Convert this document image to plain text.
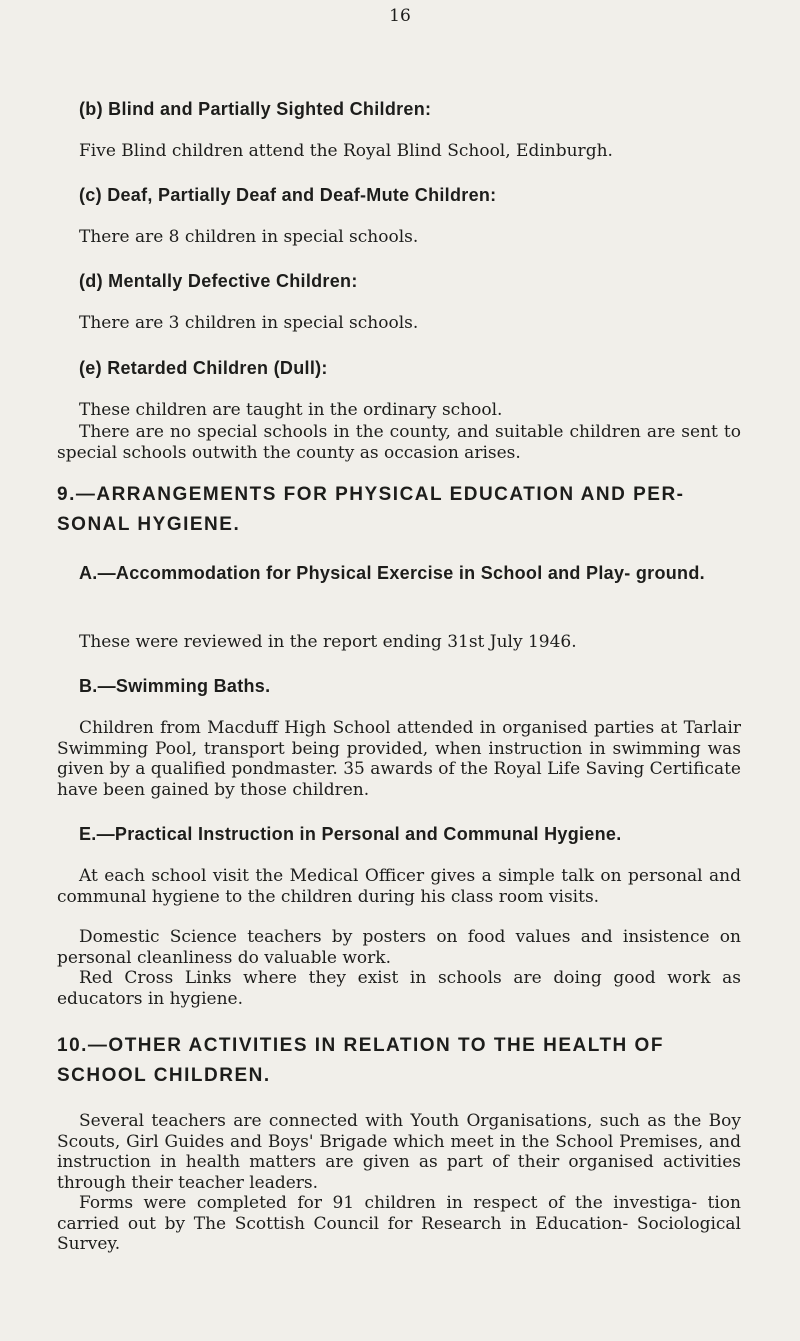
16
(b) Blind and Partially Sighted Children:
Five Blind children attend the Royal Blind School, Edinburgh.
(c) Deaf, Partially Deaf and Deaf-Mute Children:
There are 8 children in special schools.
(d) Mentally Defective Children:
There are 3 children in special schools.
(e) Retarded Children (Dull):
These children are taught in the ordinary school.
There are no special schools in the county, and suitable children are sent to special schools outwith the county as occasion arises.
9.—ARRANGEMENTS FOR PHYSICAL EDUCATION AND PER- SONAL HYGIENE.
A.—Accommodation for Physical Exercise in School and Play- ground.
These were reviewed in the report ending 31st July 1946.
B.—Swimming Baths.
Children from Macduff High School attended in organised parties at Tarlair Swimming Pool, transport being provided, when instruction in swimming was given by a qualified pondmaster. 35 awards of the Royal Life Saving Certificate have been gained by those children.
E.—Practical Instruction in Personal and Communal Hygiene.
At each school visit the Medical Officer gives a simple talk on personal and communal hygiene to the children during his class room visits.
Domestic Science teachers by posters on food values and insistence on personal cleanliness do valuable work.
Red Cross Links where they exist in schools are doing good work as educators in hygiene.
10.—OTHER ACTIVITIES IN RELATION TO THE HEALTH OF SCHOOL CHILDREN.
Several teachers are connected with Youth Organisations, such as the Boy Scouts, Girl Guides and Boys' Brigade which meet in the School Premises, and instruction in health matters are given as part of their organised activities through their teacher leaders.
Forms were completed for 91 children in respect of the investiga- tion carried out by The Scottish Council for Research in Education- Sociological Survey.
